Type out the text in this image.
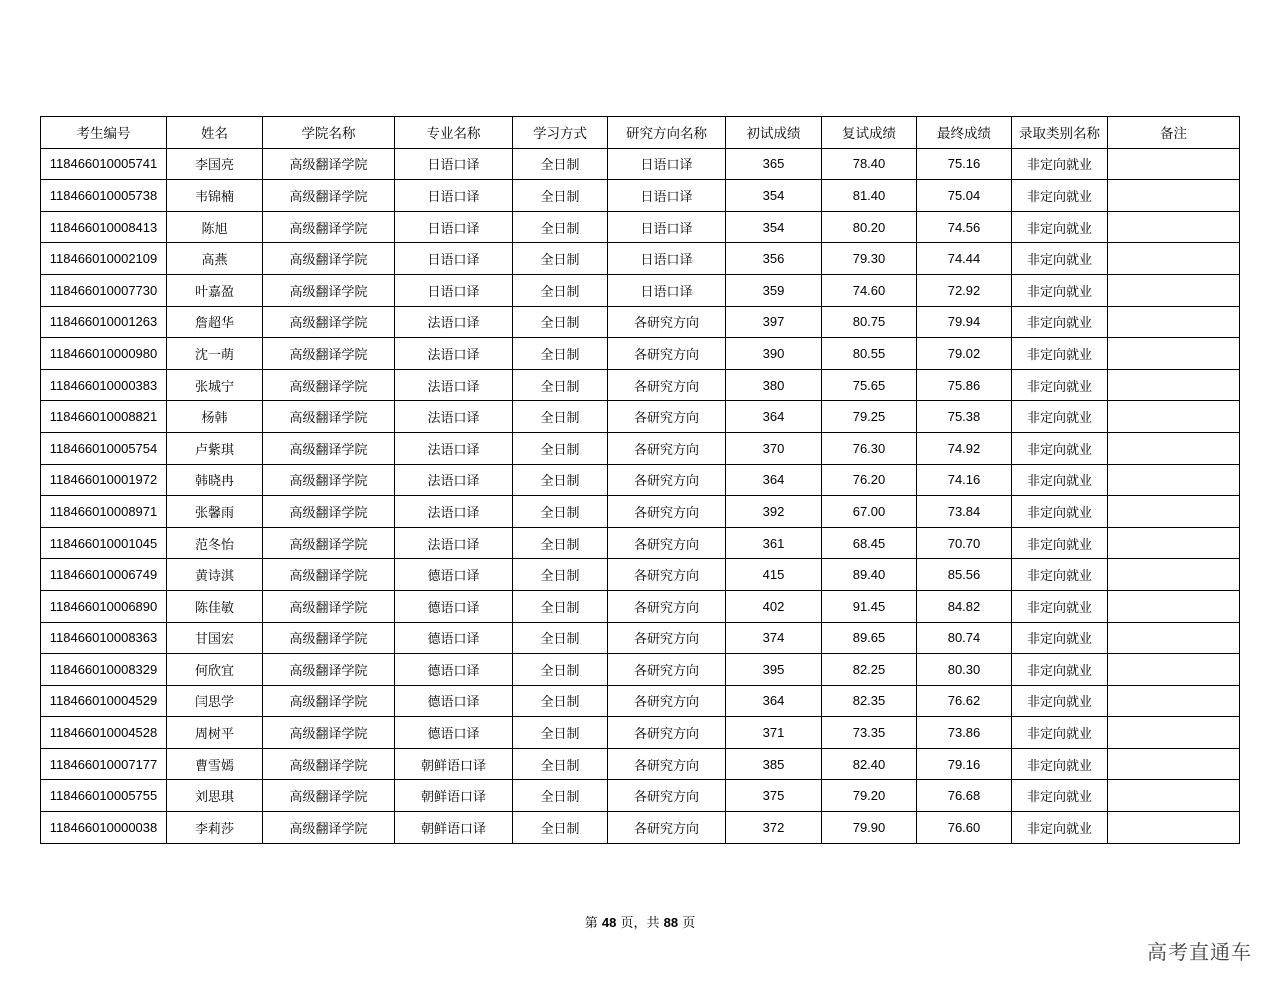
考生编号	姓名	学院名称	专业名称	学习方式	研究方向名称	初试成绩	复试成绩	最终成绩	录取类别名称	备注
118466010005741	李国亮	高级翻译学院	日语口译	全日制	日语口译	365	78.40	75.16	非定向就业	
118466010005738	韦锦楠	高级翻译学院	日语口译	全日制	日语口译	354	81.40	75.04	非定向就业	
118466010008413	陈旭	高级翻译学院	日语口译	全日制	日语口译	354	80.20	74.56	非定向就业	
118466010002109	高燕	高级翻译学院	日语口译	全日制	日语口译	356	79.30	74.44	非定向就业	
118466010007730	叶嘉盈	高级翻译学院	日语口译	全日制	日语口译	359	74.60	72.92	非定向就业	
118466010001263	詹超华	高级翻译学院	法语口译	全日制	各研究方向	397	80.75	79.94	非定向就业	
118466010000980	沈一萌	高级翻译学院	法语口译	全日制	各研究方向	390	80.55	79.02	非定向就业	
118466010000383	张城宁	高级翻译学院	法语口译	全日制	各研究方向	380	75.65	75.86	非定向就业	
118466010008821	杨韩	高级翻译学院	法语口译	全日制	各研究方向	364	79.25	75.38	非定向就业	
118466010005754	卢紫琪	高级翻译学院	法语口译	全日制	各研究方向	370	76.30	74.92	非定向就业	
118466010001972	韩晓冉	高级翻译学院	法语口译	全日制	各研究方向	364	76.20	74.16	非定向就业	
118466010008971	张馨雨	高级翻译学院	法语口译	全日制	各研究方向	392	67.00	73.84	非定向就业	
118466010001045	范冬怡	高级翻译学院	法语口译	全日制	各研究方向	361	68.45	70.70	非定向就业	
118466010006749	黄诗淇	高级翻译学院	德语口译	全日制	各研究方向	415	89.40	85.56	非定向就业	
118466010006890	陈佳敏	高级翻译学院	德语口译	全日制	各研究方向	402	91.45	84.82	非定向就业	
118466010008363	甘国宏	高级翻译学院	德语口译	全日制	各研究方向	374	89.65	80.74	非定向就业	
118466010008329	何欣宜	高级翻译学院	德语口译	全日制	各研究方向	395	82.25	80.30	非定向就业	
118466010004529	闫思学	高级翻译学院	德语口译	全日制	各研究方向	364	82.35	76.62	非定向就业	
118466010004528	周树平	高级翻译学院	德语口译	全日制	各研究方向	371	73.35	73.86	非定向就业	
118466010007177	曹雪嫣	高级翻译学院	朝鲜语口译	全日制	各研究方向	385	82.40	79.16	非定向就业	
118466010005755	刘思琪	高级翻译学院	朝鲜语口译	全日制	各研究方向	375	79.20	76.68	非定向就业	
118466010000038	李莉莎	高级翻译学院	朝鲜语口译	全日制	各研究方向	372	79.90	76.60	非定向就业	
第 48 页，共 88 页
高考直通车
